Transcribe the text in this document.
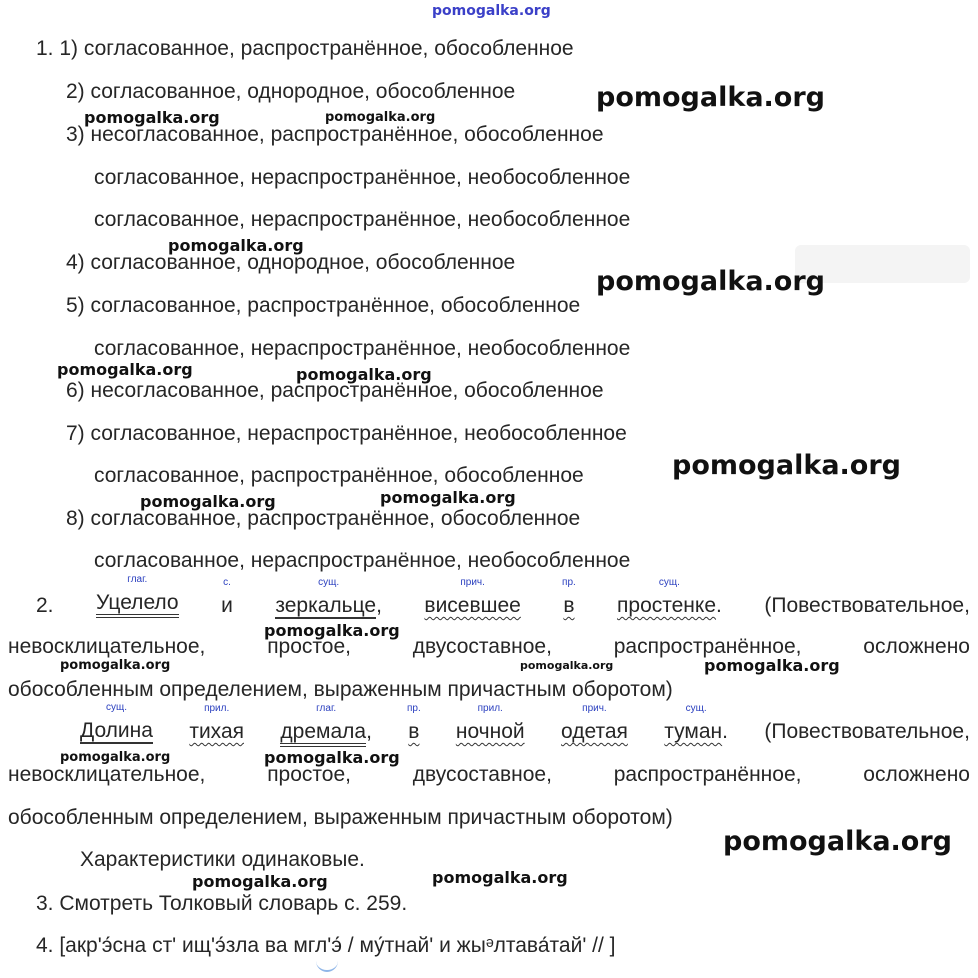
pomogalka.org
1. 1) согласованное, распространённое, обособленное
2) согласованное, однородное, обособленное
3) несогласованное, распространённое, обособленное
согласованное, нераспространённое, необособленное
согласованное, нераспространённое, необособленное
4) согласованное, однородное, обособленное
5) согласованное, распространённое, обособленное
согласованное, нераспространённое, необособленное
6) несогласованное, распространённое, обособленное
7) согласованное, нераспространённое, необособленное
согласованное, распространённое, обособленное
8) согласованное, распространённое, обособленное
согласованное, нераспространённое, необособленное
2.
глаг.
Уцелело
с.
и
сущ.
зеркальце,
прич.
висевшее
пр.
в
сущ.
простенке. (Повествовательное,
невосклицательное,	простое,	двусоставное,	распространённое,	осложнено
обособленным определением, выраженным причастным оборотом)
сущ.
Долина
прил.
тихая
глаг.
дремала,
пр.
в
прил.
ночной
прич.
одетая
сущ.
туман. (Повествовательное,
невосклицательное,	простое,	двусоставное,	распространённое,	осложнено
обособленным определением, выраженным причастным оборотом)
Характеристики одинаковые.
3. Смотреть Толковый словарь с. 259.
4. [акр'э́сна ст' ищ'э́зла ва мгл'э́ / му́тнай' и жыᵊлтава́тай' // ]
pomogalka.org
pomogalka.org	pomogalka.org
pomogalka.org
pomogalka.org
pomogalka.org	pomogalka.org
pomogalka.org
pomogalka.org	pomogalka.org
pomogalka.org
pomogalka.org	pomogalka.org	pomogalka.org
pomogalka.org	pomogalka.org
pomogalka.org
pomogalka.org	pomogalka.org
